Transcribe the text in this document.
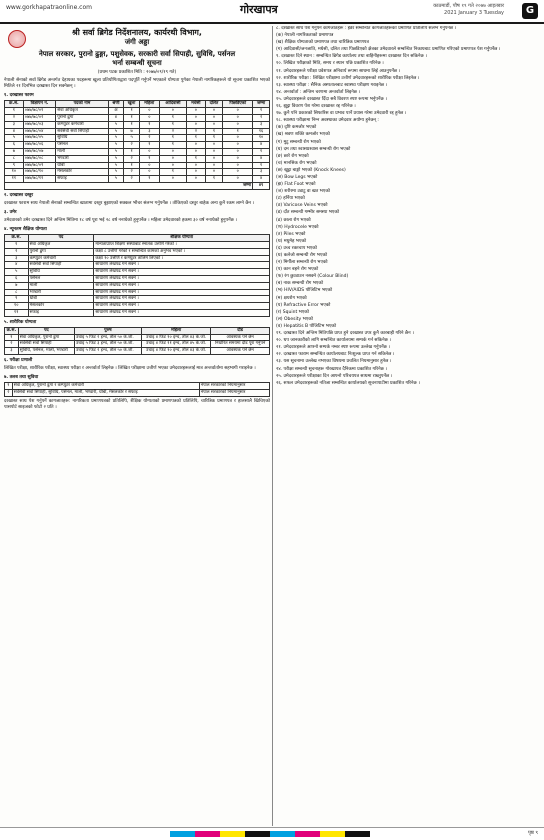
www.gorkhapatraonline.com	गोरखापत्र	काठमाडौं, पौष १९ गते २०७७ आइतबार
2021 January 3 Tuesday	G
श्री सर्वा ब्रिगेड निर्देशनालय, कार्यरथी विभाग,
जंगी अड्डा
नेपाल सरकार, पुरानो ढुङ्गा, पशुसेवक, सरकारी सर्वा सिपाही, सुविधि, पर्सनल
भर्ना सम्बन्धी सूचना
(प्रथम पटक प्रकाशित मिति : २०७७/०९/१९ गते)
नेपाली सेनाको सर्वा ब्रिगेड अन्तर्गत देहायका पदहरूमा खुला प्रतियोगिताद्वारा पदपूर्ति गर्नुपर्ने भएकाले योग्यता पुगेका नेपाली नागरिकहरूले यो सूचना प्रकाशित भएको मितिले २१ दिनभित्र दरखास्त दिन सक्नेछन् ।
१. दरखास्त फारम
क्र.सं.	विज्ञापन नं.	पदको नाम	श्रेणी	खुला	महिला	आदिवासी	मधेसी	दलित	पिछडिएको	जम्मा
१	०७७/७८/०१	सेवा अधिकृत	अ	१	०	०	०	०	०	१
२	०७७/७८/०२	पुरानो ढुंगा	४	१	०	१	०	०	०	२
३	०७७/७८/०३	कम्प्युटर कर्मचारी	५	१	१	१	०	०	०	३
४	०७७/७८/०४	सर्वसेवी सर्वा सिपाही	५	७	३	२	२	१	१	१६
५	०७७/७८/०५	सुविधि	५	५	२	१	१	१	०	१०
६	०७७/७८/०६	पर्सनल	५	२	१	१	०	०	०	४
७	०७७/७८/०७	माली	५	१	०	०	०	०	०	१
८	०७७/७८/०८	भण्डारी	५	२	१	०	१	०	०	४
९	०७७/७८/०९	धोबी	५	१	०	०	०	०	०	१
१०	०७७/७८/१०	मेसलकोर	५	२	०	१	०	०	०	३
११	०७७/७८/११	सफाइ	५	२	१	०	०	१	०	४
जम्मा										४९
२. दरखास्त दस्तुर
दरखास्त फाराम साथ नेपाली सेनाको सम्बन्धित खातामा दस्तुर बुझाएको सक्कल भौचर संलग्न गर्नुपर्नेछ । तोकिएको दस्तुर बाहेक अन्य कुनै रकम लाग्ने छैन ।
३. उमेर
उमेदवारको उमेर दरखास्त दिने अन्तिम मितिमा १८ वर्ष पूरा भई २८ वर्ष ननाघेको हुनुपर्नेछ । महिला उमेदवारको हकमा ३० वर्ष ननाघेको हुनुपर्नेछ ।
४. न्यूनतम शैक्षिक योग्यता
क्र.सं.	पद	शैक्षिक योग्यता
१	सेवा अधिकृत	मान्यताप्राप्त शिक्षण संस्थाबाट स्नातक उत्तीर्ण गरेको ।
२	पुरानो ढुंगा	कक्षा ८ उत्तीर्ण गरेको र सम्बन्धित कामको अनुभव भएको ।
३	कम्प्युटर कर्मचारी	कक्षा १० उत्तीर्ण र कम्प्युटर तालिम लिएको ।
४	सर्वसेवी सर्वा सिपाही	साधारण लेखपढ गर्न सक्ने ।
५	सुविधि	साधारण लेखपढ गर्न सक्ने ।
६	पर्सनल	साधारण लेखपढ गर्न सक्ने ।
७	माली	साधारण लेखपढ गर्न सक्ने ।
८	भण्डारी	साधारण लेखपढ गर्न सक्ने ।
९	धोबी	साधारण लेखपढ गर्न सक्ने ।
१०	मेसलकोर	साधारण लेखपढ गर्न सक्ने ।
११	सफाइ	साधारण लेखपढ गर्न सक्ने ।
५. शारीरिक योग्यता
क्र.सं.	पद	पुरुष	महिला	दौड
१	सेवा अधिकृत, पुरानो ढुंगा	उचाइ ५ फिट २ इन्च, तौल ५० के.जी.	उचाइ ४ फिट १० इन्च, तौल ४३ के.जी.	आवश्यक पर्ने छैन
२	सर्वसेवी सर्वा सिपाही	उचाइ ५ फिट ३ इन्च, तौल ५० के.जी.	उचाइ ४ फिट ११ इन्च, तौल ४५ के.जी.	निर्धारित समयमा दौड पूरा गर्नुपर्ने
३	सुविधि, पर्सनल, माली, भण्डारी	उचाइ ५ फिट २ इन्च, तौल ५० के.जी.	उचाइ ४ फिट १० इन्च, तौल ४३ के.जी.	आवश्यक पर्ने छैन
६. परीक्षा प्रणाली
लिखित परीक्षा, शारीरिक परीक्षा, स्वास्थ्य परीक्षा र अन्तर्वार्ता लिइनेछ । लिखित परीक्षामा उत्तीर्ण भएका उमेदवारहरूलाई मात्र अन्तर्वार्तामा सहभागी गराइनेछ ।
७. तलब तथा सुविधा
१	सेवा अधिकृत, पुरानो ढुंगा र कम्प्युटर कर्मचारी	नेपाल सरकारको नियमानुसार
२	सर्वसेवी सर्वा सिपाही, सुविधि, पर्सनल, माली, भण्डारी, धोबी, मेसलकोर र सफाइ	नेपाल सरकारको नियमानुसार
दरखास्त साथ पेश गर्नुपर्ने कागजातहरू: नागरिकता प्रमाणपत्रको प्रतिलिपि, शैक्षिक योग्यताको प्रमाणपत्रको प्रतिलिपि, चारित्रिक प्रमाणपत्र र हालसालै खिचिएको पासपोर्ट साइजको फोटो २ प्रति ।
८. दरखास्त साथ पेश गर्नुपर्ने कागजातहरू : हेडर सम्बन्धित कागजातहरूको प्रमाणित प्रतिलिपि संलग्न गर्नुपर्नेछ ।
(क) नेपाली नागरिकताको प्रमाणपत्र
(ख) शैक्षिक योग्यताको प्रमाणपत्र तथा चारित्रिक प्रमाणपत्र
(ग) आदिवासी/जनजाति, मधेसी, दलित तथा पिछडिएको क्षेत्रका उमेदवारले सम्बन्धित निकायबाट प्रमाणित गरिएको प्रमाणपत्र पेश गर्नुपर्नेछ ।
९. दरखास्त दिने स्थान : सम्बन्धित ब्रिगेड कार्यालय तथा बाहिनीहरूमा दरखास्त दिन सकिनेछ ।
१०. लिखित परीक्षाको मिति, समय र स्थान पछि प्रकाशित गरिनेछ ।
११. उमेदवारहरूले परीक्षा प्रवेशपत्र अनिवार्य रूपमा साथमा लिई आउनुपर्नेछ ।
१२. शारीरिक परीक्षा : लिखित परीक्षामा उत्तीर्ण उमेदवारहरूको शारीरिक परीक्षा लिइनेछ ।
१३. स्वास्थ्य परीक्षा : सैनिक अस्पतालबाट स्वास्थ्य परीक्षण गराइनेछ ।
१४. अन्तर्वार्ता : अन्तिम चरणमा अन्तर्वार्ता लिइनेछ ।
१५. उमेदवारहरूले दरखास्त दिँदा सबै विवरण स्पष्ट रूपमा भर्नुपर्नेछ ।
१६. झुट्टा विवरण पेश गरेमा दरखास्त रद्द गरिनेछ ।
१७. कुनै पनि प्रकारको सिफारिस वा प्रभाव पार्ने प्रयास गरेमा उमेदवारी रद्द हुनेछ ।
१८. स्वास्थ्य परीक्षामा निम्न अवस्थाका उमेदवार अयोग्य हुनेछन् :
(क) दृष्टि कमजोर भएको
(ख) श्रवण शक्ति कमजोर भएको
(ग) मुटु सम्बन्धी रोग भएको
(घ) दम तथा श्वासप्रश्वास सम्बन्धी रोग भएको
(ङ) छारे रोग भएको
(च) मानसिक रोग भएको
(छ) खुट्टा बाङ्गो भएको (Knock Knees)
(ज) Bow Legs भएको
(झ) Flat Foot भएको
(ञ) शरीरमा ट्याटु वा खत भएको
(ट) हर्निया भएको
(ठ) Varicose Veins भएको
(ड) दाँत सम्बन्धी गम्भीर समस्या भएको
(ढ) छाला रोग भएको
(ण) Hydrocele भएको
(त) Piles भएको
(थ) मधुमेह भएको
(द) उच्च रक्तचाप भएको
(ध) कलेजो सम्बन्धी रोग भएको
(न) मिर्गौला सम्बन्धी रोग भएको
(प) कान बहने रोग भएको
(फ) रंग छुट्याउन नसक्ने (Colour Blind)
(ब) नाक सम्बन्धी रोग भएको
(भ) HIV/AIDS पोजिटिभ भएको
(म) क्षयरोग भएको
(य) Refractive Error भएको
(र) Squint भएको
(ल) Obesity भएको
(व) Hepatitis B पोजिटिभ भएको
१९. दरखास्त दिने अन्तिम मितिपछि प्राप्त हुने दरखास्त उपर कुनै कारबाही गरिने छैन ।
२०. थप जानकारीको लागि सम्बन्धित कार्यालयमा सम्पर्क गर्न सकिनेछ ।
२१. उमेदवारहरूले आफ्नो सम्पर्क नम्बर स्पष्ट रूपमा उल्लेख गर्नुपर्नेछ ।
२२. दरखास्त फाराम सम्बन्धित कार्यालयबाट निःशुल्क प्राप्त गर्न सकिनेछ ।
२३. यस सूचनामा उल्लेख नभएका विषयमा प्रचलित नियमानुसार हुनेछ ।
२४. परीक्षा सम्बन्धी सूचनाहरू गोरखापत्र दैनिकमा प्रकाशित गरिनेछ ।
२५. उमेदवारहरूले परीक्षाका दिन आफ्नो परिचयपत्र साथमा राख्नुपर्नेछ ।
२६. सफल उमेदवारहरूको नतिजा सम्बन्धित कार्यालयको सूचनापाटीमा प्रकाशित गरिनेछ ।
पृष्ठ ९
